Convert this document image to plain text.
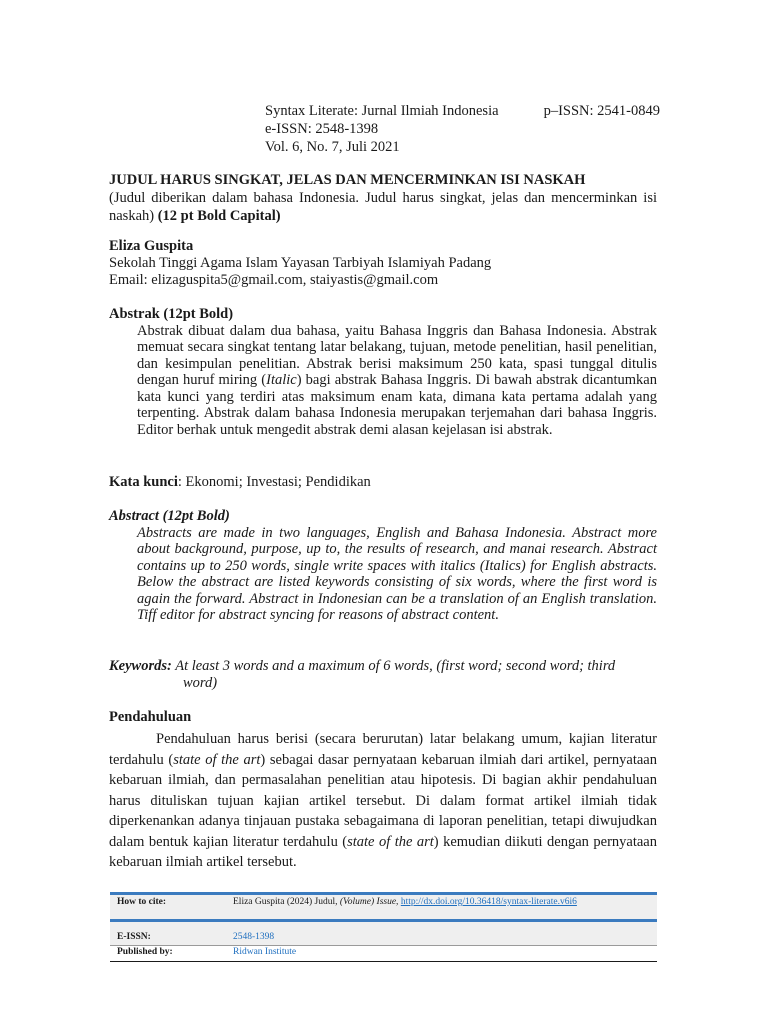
Syntax Literate: Jurnal Ilmiah Indonesia	p–ISSN: 2541-0849
e-ISSN: 2548-1398
Vol. 6, No. 7, Juli 2021
JUDUL HARUS SINGKAT, JELAS DAN MENCERMINKAN ISI NASKAH
(Judul diberikan dalam bahasa Indonesia. Judul harus singkat, jelas dan mencerminkan isi naskah) (12 pt Bold Capital)
Eliza Guspita
Sekolah Tinggi Agama Islam Yayasan Tarbiyah Islamiyah Padang
Email: elizaguspita5@gmail.com, staiyastis@gmail.com
Abstrak (12pt Bold)
Abstrak dibuat dalam dua bahasa, yaitu Bahasa Inggris dan Bahasa Indonesia. Abstrak memuat secara singkat tentang latar belakang, tujuan, metode penelitian, hasil penelitian, dan kesimpulan penelitian. Abstrak berisi maksimum 250 kata, spasi tunggal ditulis dengan huruf miring (Italic) bagi abstrak Bahasa Inggris. Di bawah abstrak dicantumkan kata kunci yang terdiri atas maksimum enam kata, dimana kata pertama adalah yang terpenting. Abstrak dalam bahasa Indonesia merupakan terjemahan dari bahasa Inggris. Editor berhak untuk mengedit abstrak demi alasan kejelasan isi abstrak.
Kata kunci: Ekonomi; Investasi; Pendidikan
Abstract (12pt Bold)
Abstracts are made in two languages, English and Bahasa Indonesia. Abstract more about background, purpose, up to, the results of research, and manai research. Abstract contains up to 250 words, single write spaces with italics (Italics) for English abstracts. Below the abstract are listed keywords consisting of six words, where the first word is again the forward. Abstract in Indonesian can be a translation of an English translation. Tiff editor for abstract syncing for reasons of abstract content.
Keywords: At least 3 words and a maximum of 6 words, (first word; second word; third
word)
Pendahuluan
Pendahuluan harus berisi (secara berurutan) latar belakang umum, kajian literatur terdahulu (state of the art) sebagai dasar pernyataan kebaruan ilmiah dari artikel, pernyataan kebaruan ilmiah, dan permasalahan penelitian atau hipotesis. Di bagian akhir pendahuluan harus dituliskan tujuan kajian artikel tersebut. Di dalam format artikel ilmiah tidak diperkenankan adanya tinjauan pustaka sebagaimana di laporan penelitian, tetapi diwujudkan dalam bentuk kajian literatur terdahulu (state of the art) kemudian diikuti dengan pernyataan kebaruan ilmiah artikel tersebut.
How to cite:	Eliza Guspita (2024) Judul, (Volume) Issue, http://dx.doi.org/10.36418/syntax-literate.v6i6
E-ISSN:	2548-1398
Published by:	Ridwan Institute
